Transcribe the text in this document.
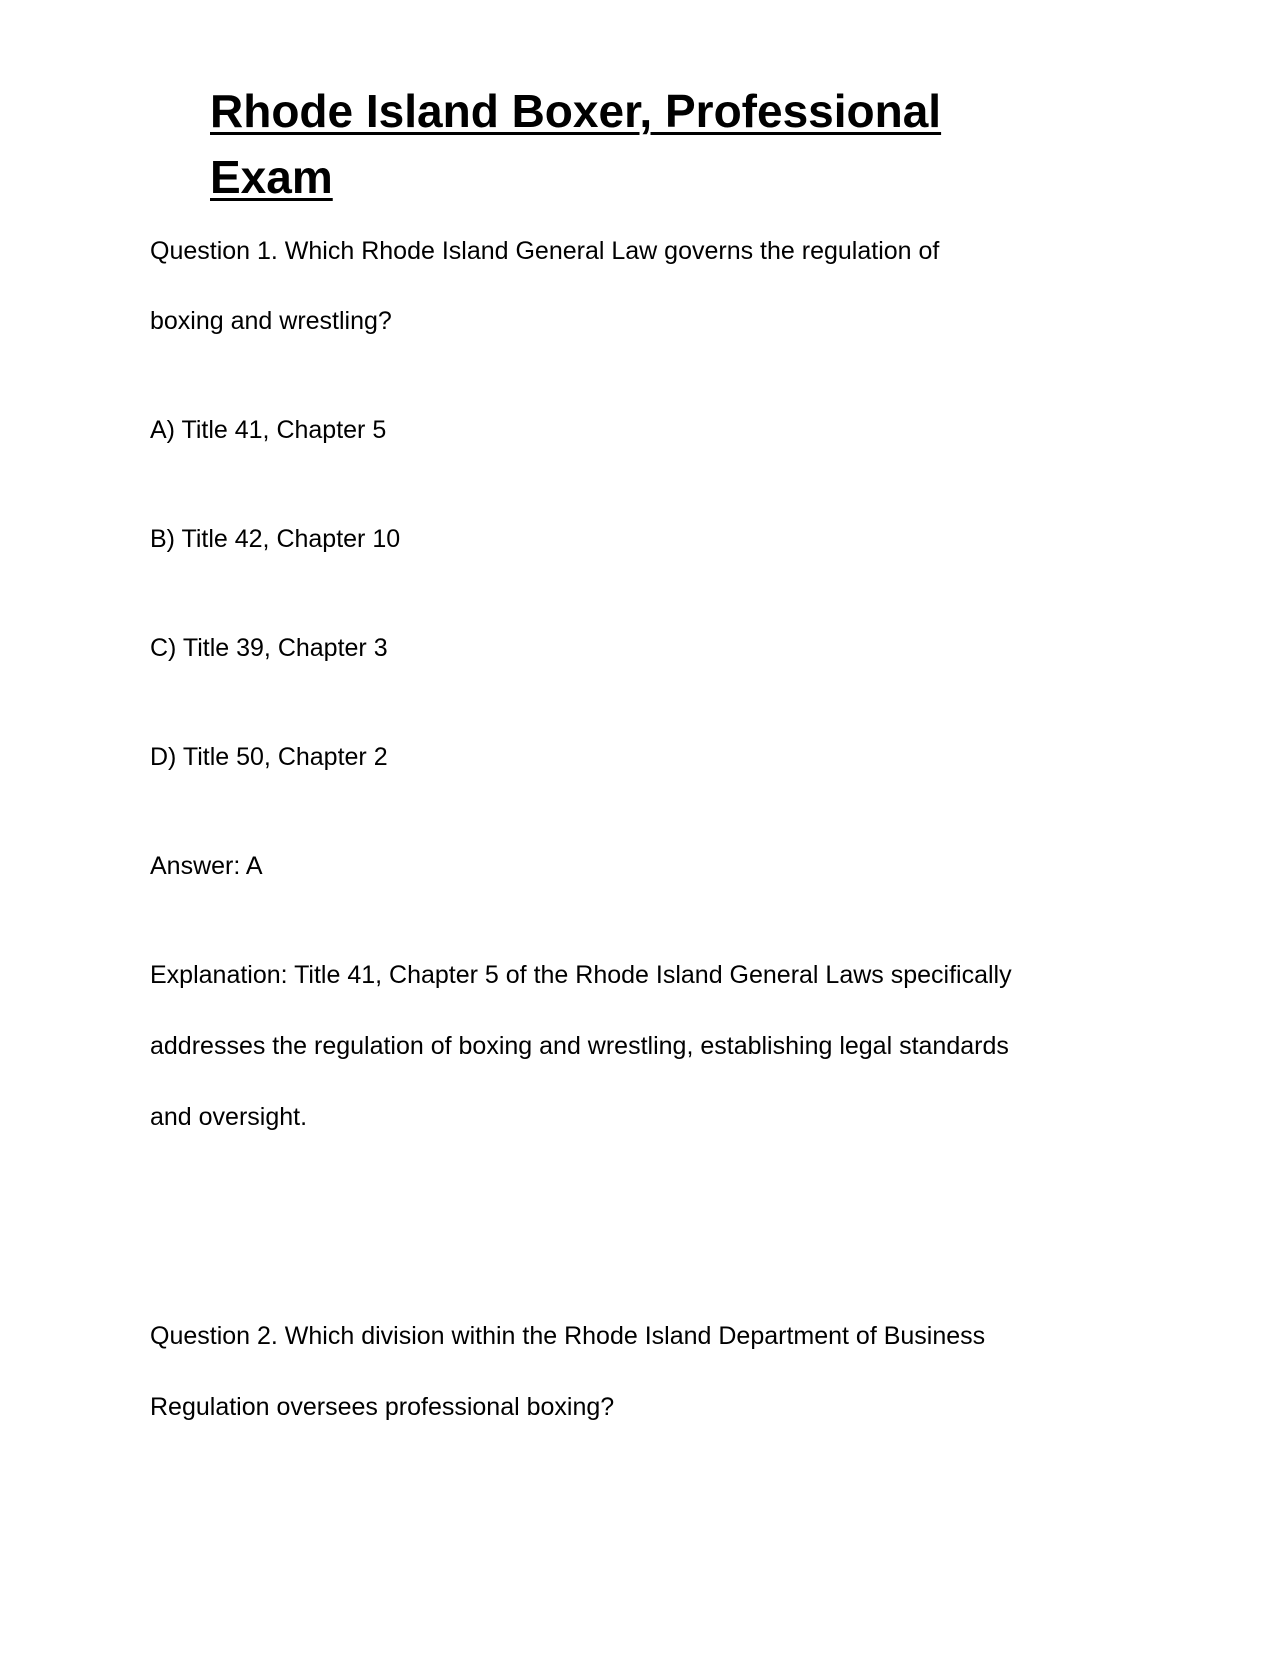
Rhode Island Boxer, Professional
Exam

Question 1. Which Rhode Island General Law governs the regulation of

boxing and wrestling?

A) Title 41, Chapter 5

B) Title 42, Chapter 10

C) Title 39, Chapter 3

D) Title 50, Chapter 2

Answer: A

Explanation: Title 41, Chapter 5 of the Rhode Island General Laws specifically

addresses the regulation of boxing and wrestling, establishing legal standards

and oversight.

Question 2. Which division within the Rhode Island Department of Business

Regulation oversees professional boxing?
